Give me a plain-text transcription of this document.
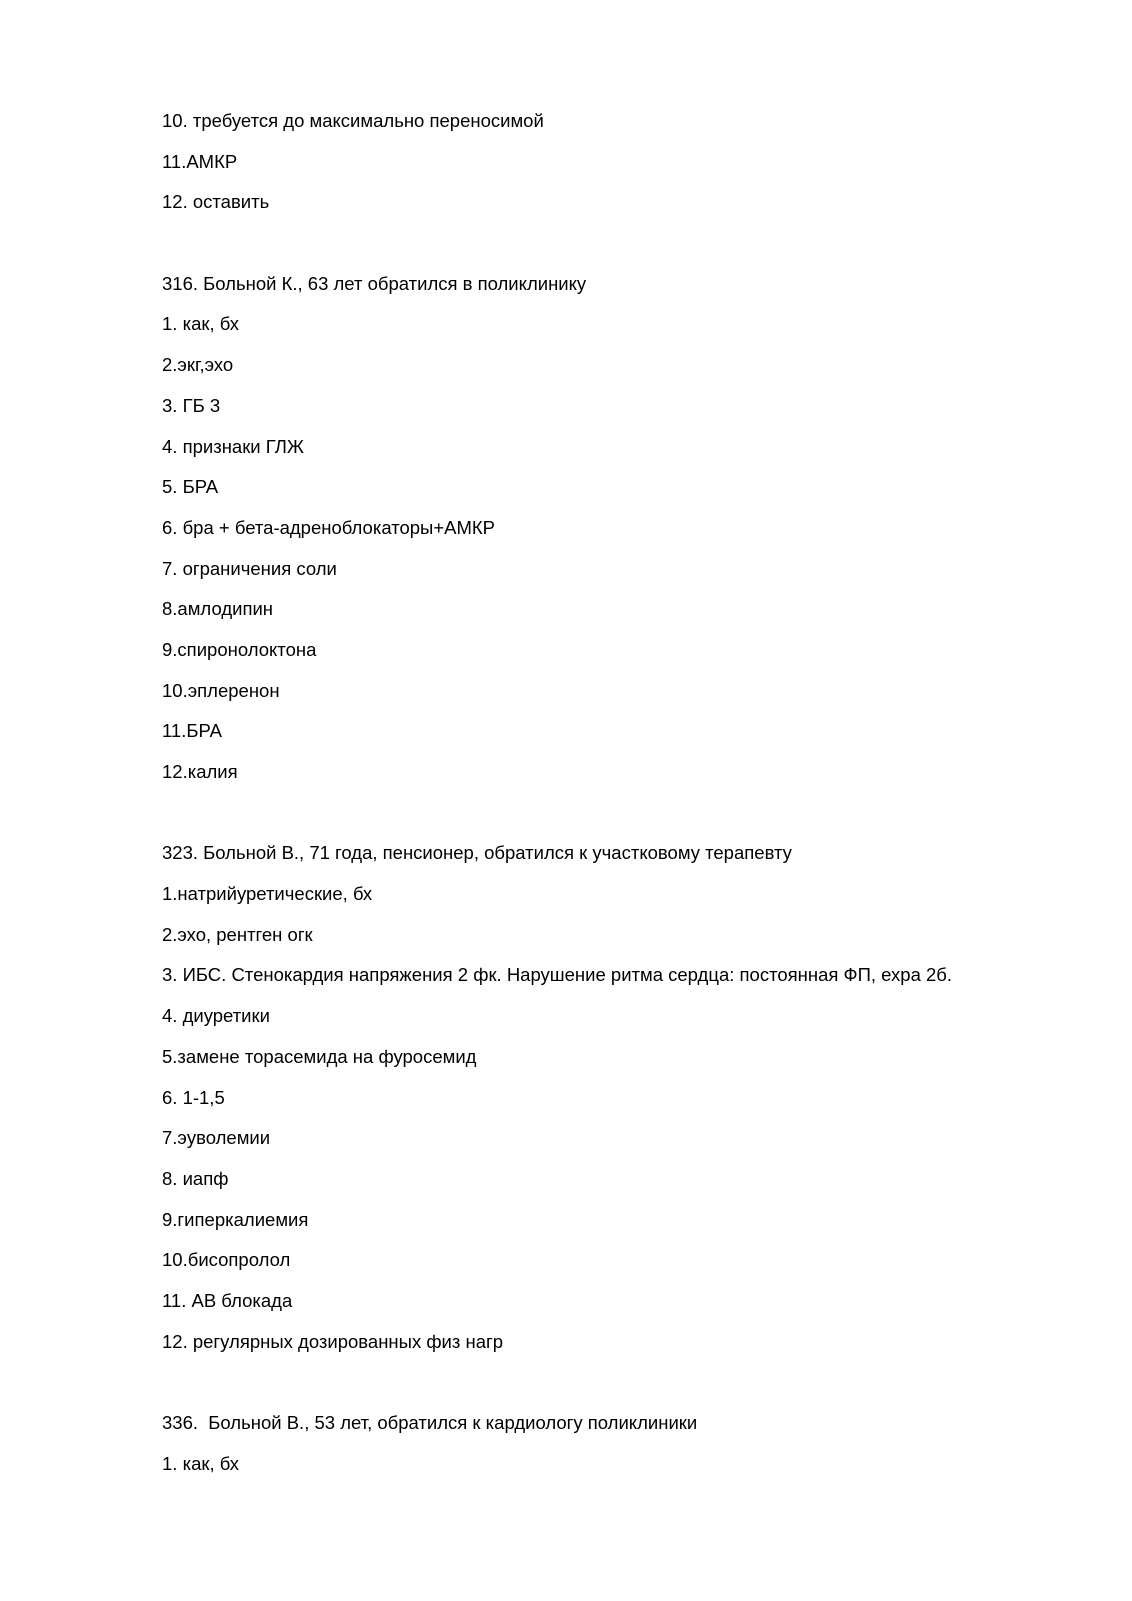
10. требуется до максимально переносимой
11.АМКР
12. оставить
316. Больной К., 63 лет обратился в поликлинику
1. как, бх
2.экг,эхо
3. ГБ 3
4. признаки ГЛЖ
5. БРА
6. бра + бета-адреноблокаторы+АМКР
7. ограничения соли
8.амлодипин
9.спиронолоктона
10.эплеренон
11.БРА
12.калия
323. Больной В., 71 года, пенсионер, обратился к участковому терапевту
1.натрийуретические, бх
2.эхо, рентген огк
3. ИБС. Стенокардия напряжения 2 фк. Нарушение ритма сердца: постоянная ФП, ехра 2б.
4. диуретики
5.замене торасемида на фуросемид
6. 1-1,5
7.эуволемии
8. иапф
9.гиперкалиемия
10.бисопролол
11. АВ блокада
12. регулярных дозированных физ нагр
336.  Больной В., 53 лет, обратился к кардиологу поликлиники
1. как, бх
